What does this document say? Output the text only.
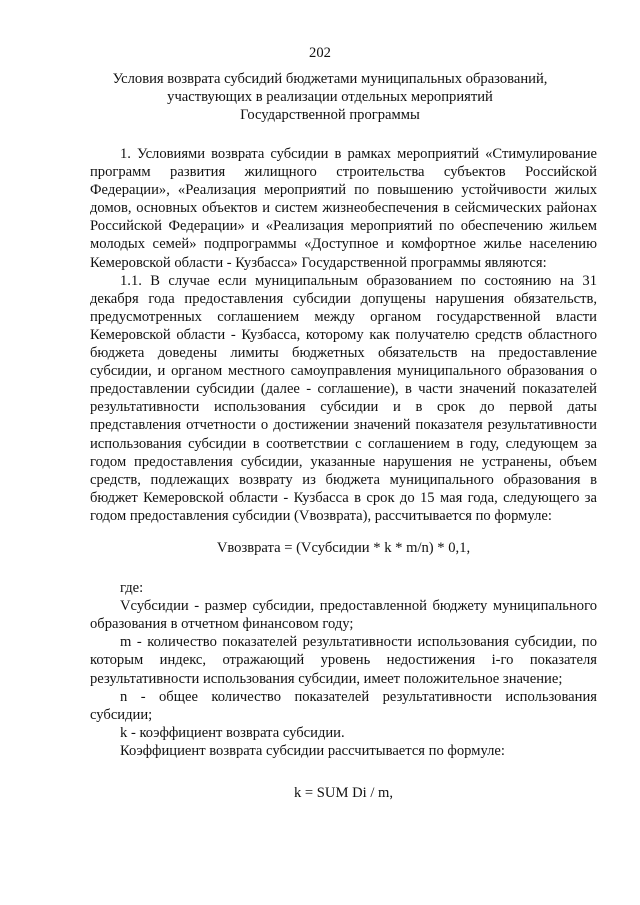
202
Условия возврата субсидий бюджетами муниципальных образований,
участвующих в реализации отдельных мероприятий
Государственной программы

1. Условиями возврата субсидии в рамках мероприятий «Стимулирование программ развития жилищного строительства субъектов Российской Федерации», «Реализация мероприятий по повышению устойчивости жилых домов, основных объектов и систем жизнеобеспечения в сейсмических районах Российской Федерации» и «Реализация мероприятий по обеспечению жильем молодых семей» подпрограммы «Доступное и комфортное жилье населению Кемеровской области - Кузбасса» Государственной программы являются:

1.1. В случае если муниципальным образованием по состоянию на 31 декабря года предоставления субсидии допущены нарушения обязательств, предусмотренных соглашением между органом государственной власти Кемеровской области - Кузбасса, которому как получателю средств областного бюджета доведены лимиты бюджетных обязательств на предоставление субсидии, и органом местного самоуправления муниципального образования о предоставлении субсидии (далее - соглашение), в части значений показателей результативности использования субсидии и в срок до первой даты представления отчетности о достижении значений показателя результативности использования субсидии в соответствии с соглашением в году, следующем за годом предоставления субсидии, указанные нарушения не устранены, объем средств, подлежащих возврату из бюджета муниципального образования в бюджет Кемеровской области - Кузбасса в срок до 15 мая года, следующего за годом предоставления субсидии (Vвозврата), рассчитывается по формуле:

Vвозврата = (Vсубсидии * k * m/n) * 0,1,

где:

Vсубсидии - размер субсидии, предоставленной бюджету муниципального образования в отчетном финансовом году;

m - количество показателей результативности использования субсидии, по которым индекс, отражающий уровень недостижения i-го показателя результативности использования субсидии, имеет положительное значение;

n - общее количество показателей результативности использования субсидии;

k - коэффициент возврата субсидии.

Коэффициент возврата субсидии рассчитывается по формуле:

k = SUM Di / m,
